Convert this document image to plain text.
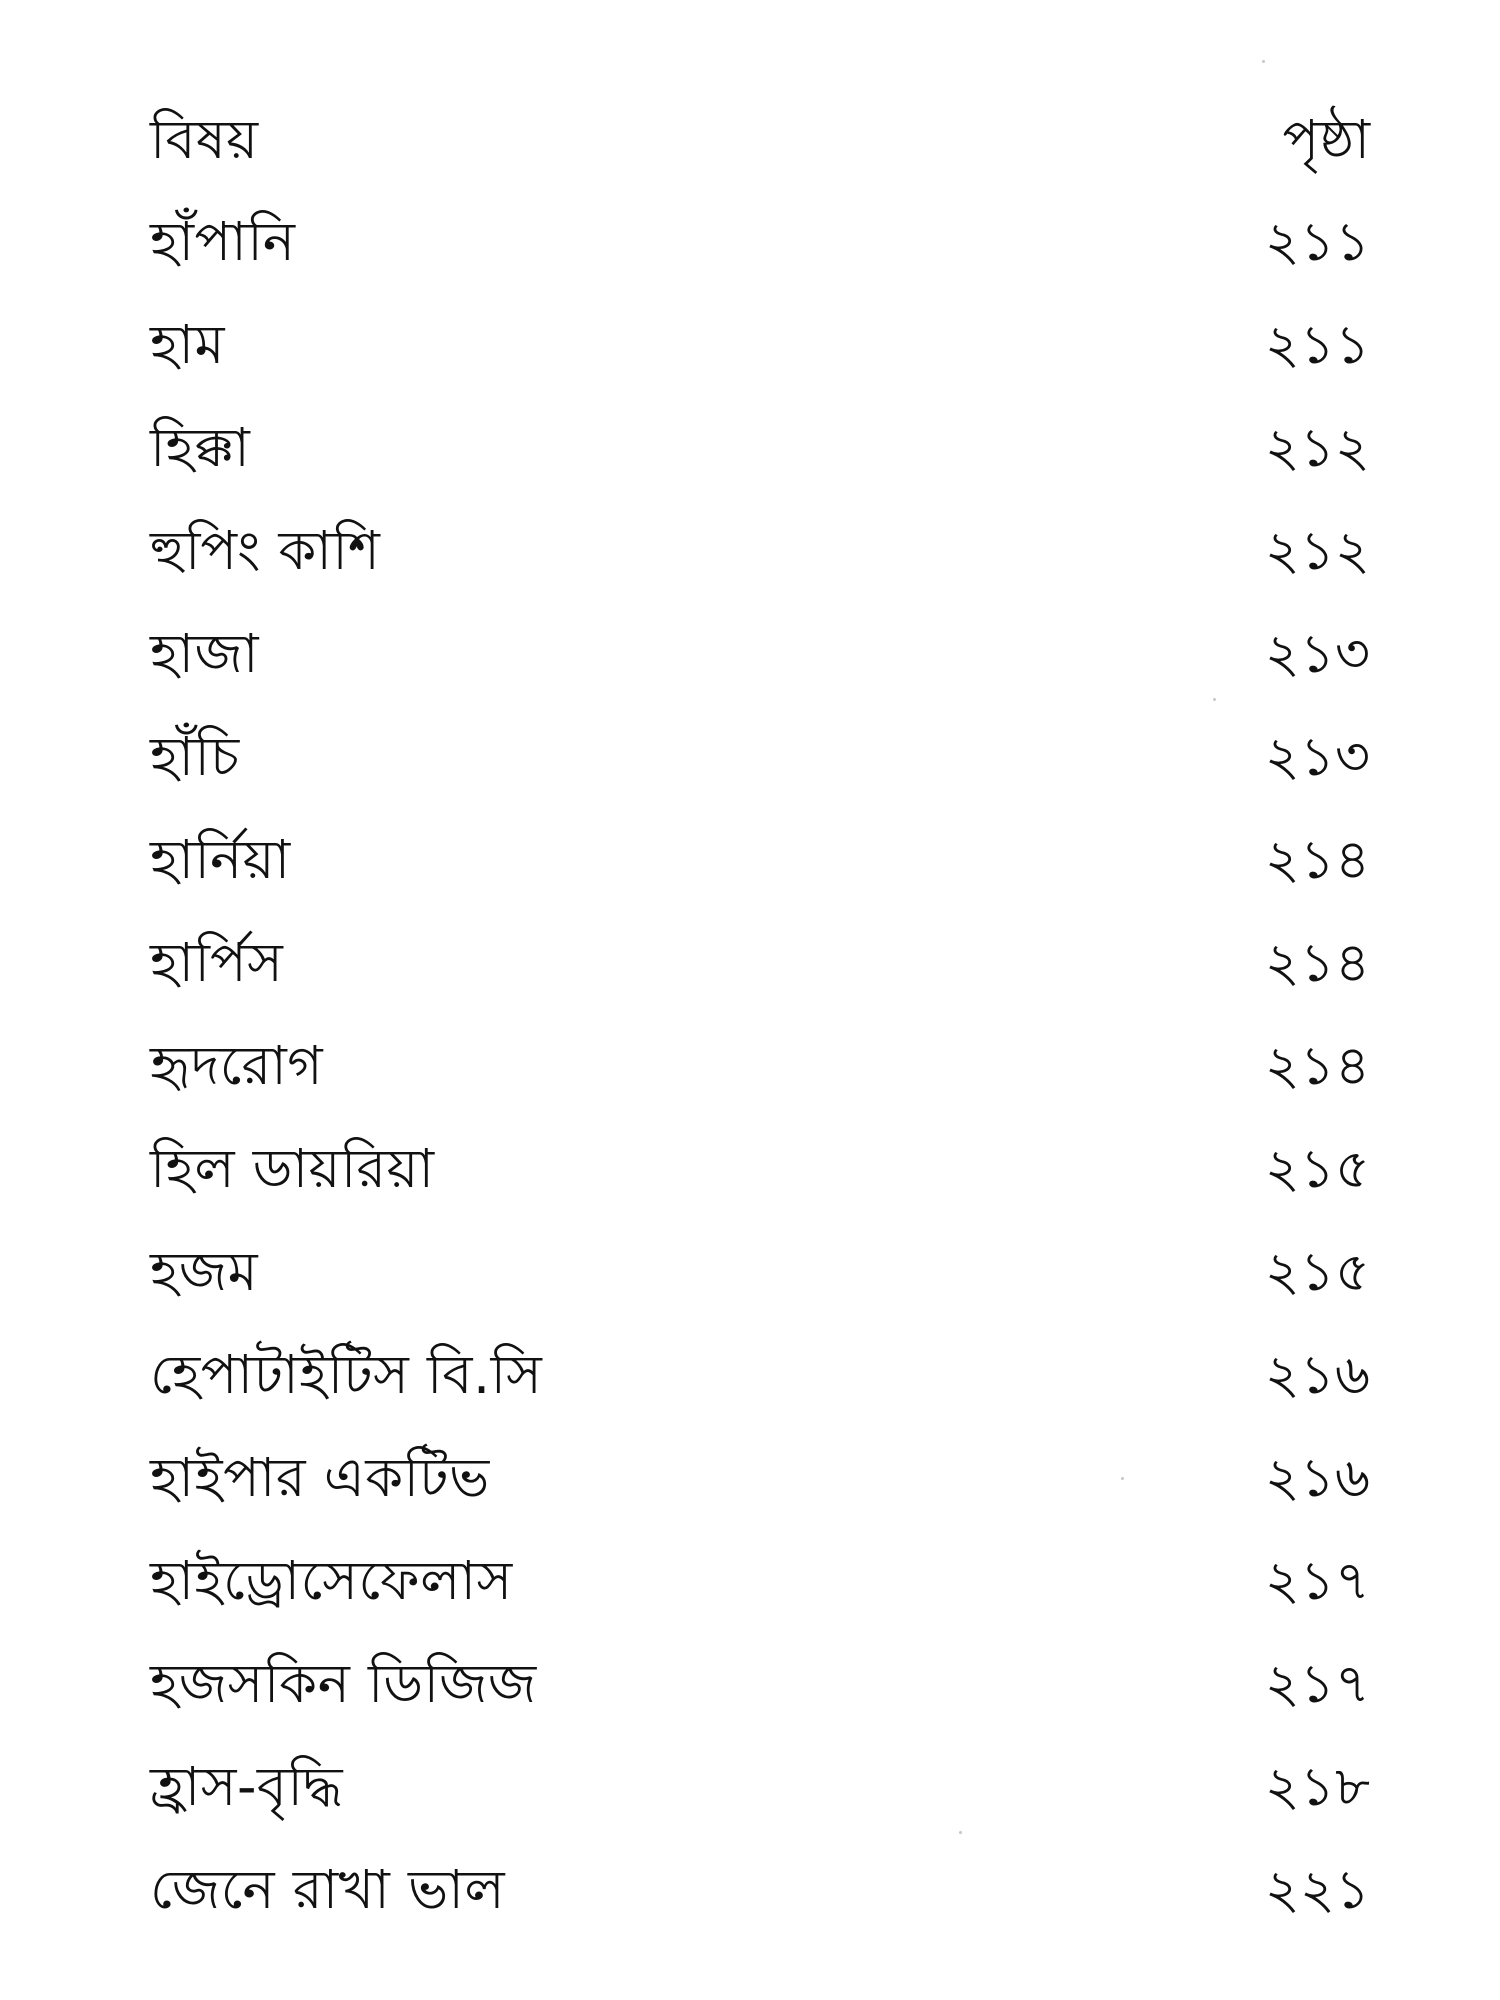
বিষয়	পৃষ্ঠা
হাঁপানি	২১১
হাম	২১১
হিক্কা	২১২
হুপিং কাশি	২১২
হাজা	২১৩
হাঁচি	২১৩
হার্নিয়া	২১৪
হার্পিস	২১৪
হৃদরোগ	২১৪
হিল ডায়রিয়া	২১৫
হজম	২১৫
হেপাটাইটিস বি.সি	২১৬
হাইপার একটিভ	২১৬
হাইড্রোসেফেলাস	২১৭
হজসকিন ডিজিজ	২১৭
হ্রাস-বৃদ্ধি	২১৮
জেনে রাখা ভাল	২২১
